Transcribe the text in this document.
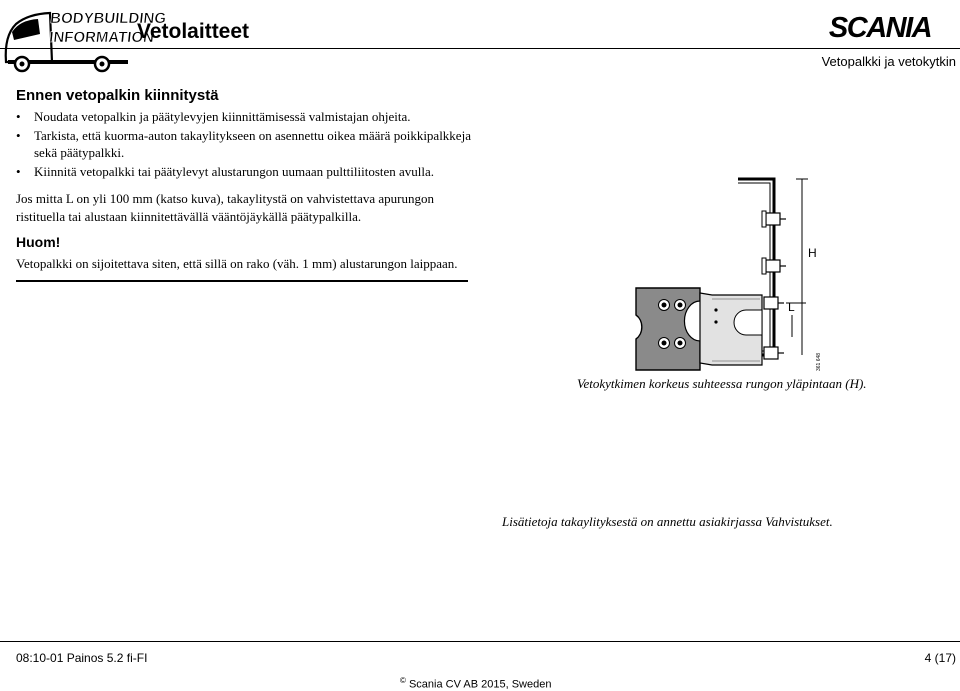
BODYBUILDING
INFORMATION
Vetolaitteet	SCANIA
Vetopalkki ja vetokytkin
Ennen vetopalkin kiinnitystä
• Noudata vetopalkin ja päätylevyjen kiinnittämisessä valmistajan ohjeita.
• Tarkista, että kuorma-auton takaylitykseen on asennettu oikea määrä poikkipalkkeja sekä päätypalkki.
• Kiinnitä vetopalkki tai päätylevyt alustarungon uumaan pulttiliitosten avulla.
Jos mitta L on yli 100 mm (katso kuva), takaylitystä on vahvistettava apurungon ristituella tai alustaan kiinnitettävällä vääntöjäykällä päätypalkilla.
Huom!
Vetopalkki on sijoitettava siten, että sillä on rako (väh. 1 mm) alustarungon laippaan.
H
L
361 648
Vetokytkimen korkeus suhteessa rungon yläpintaan (H).
Lisätietoja takaylityksestä on annettu asiakirjassa Vahvistukset.
08:10-01 Painos 5.2 fi-FI	4 (17)
© Scania CV AB 2015, Sweden
